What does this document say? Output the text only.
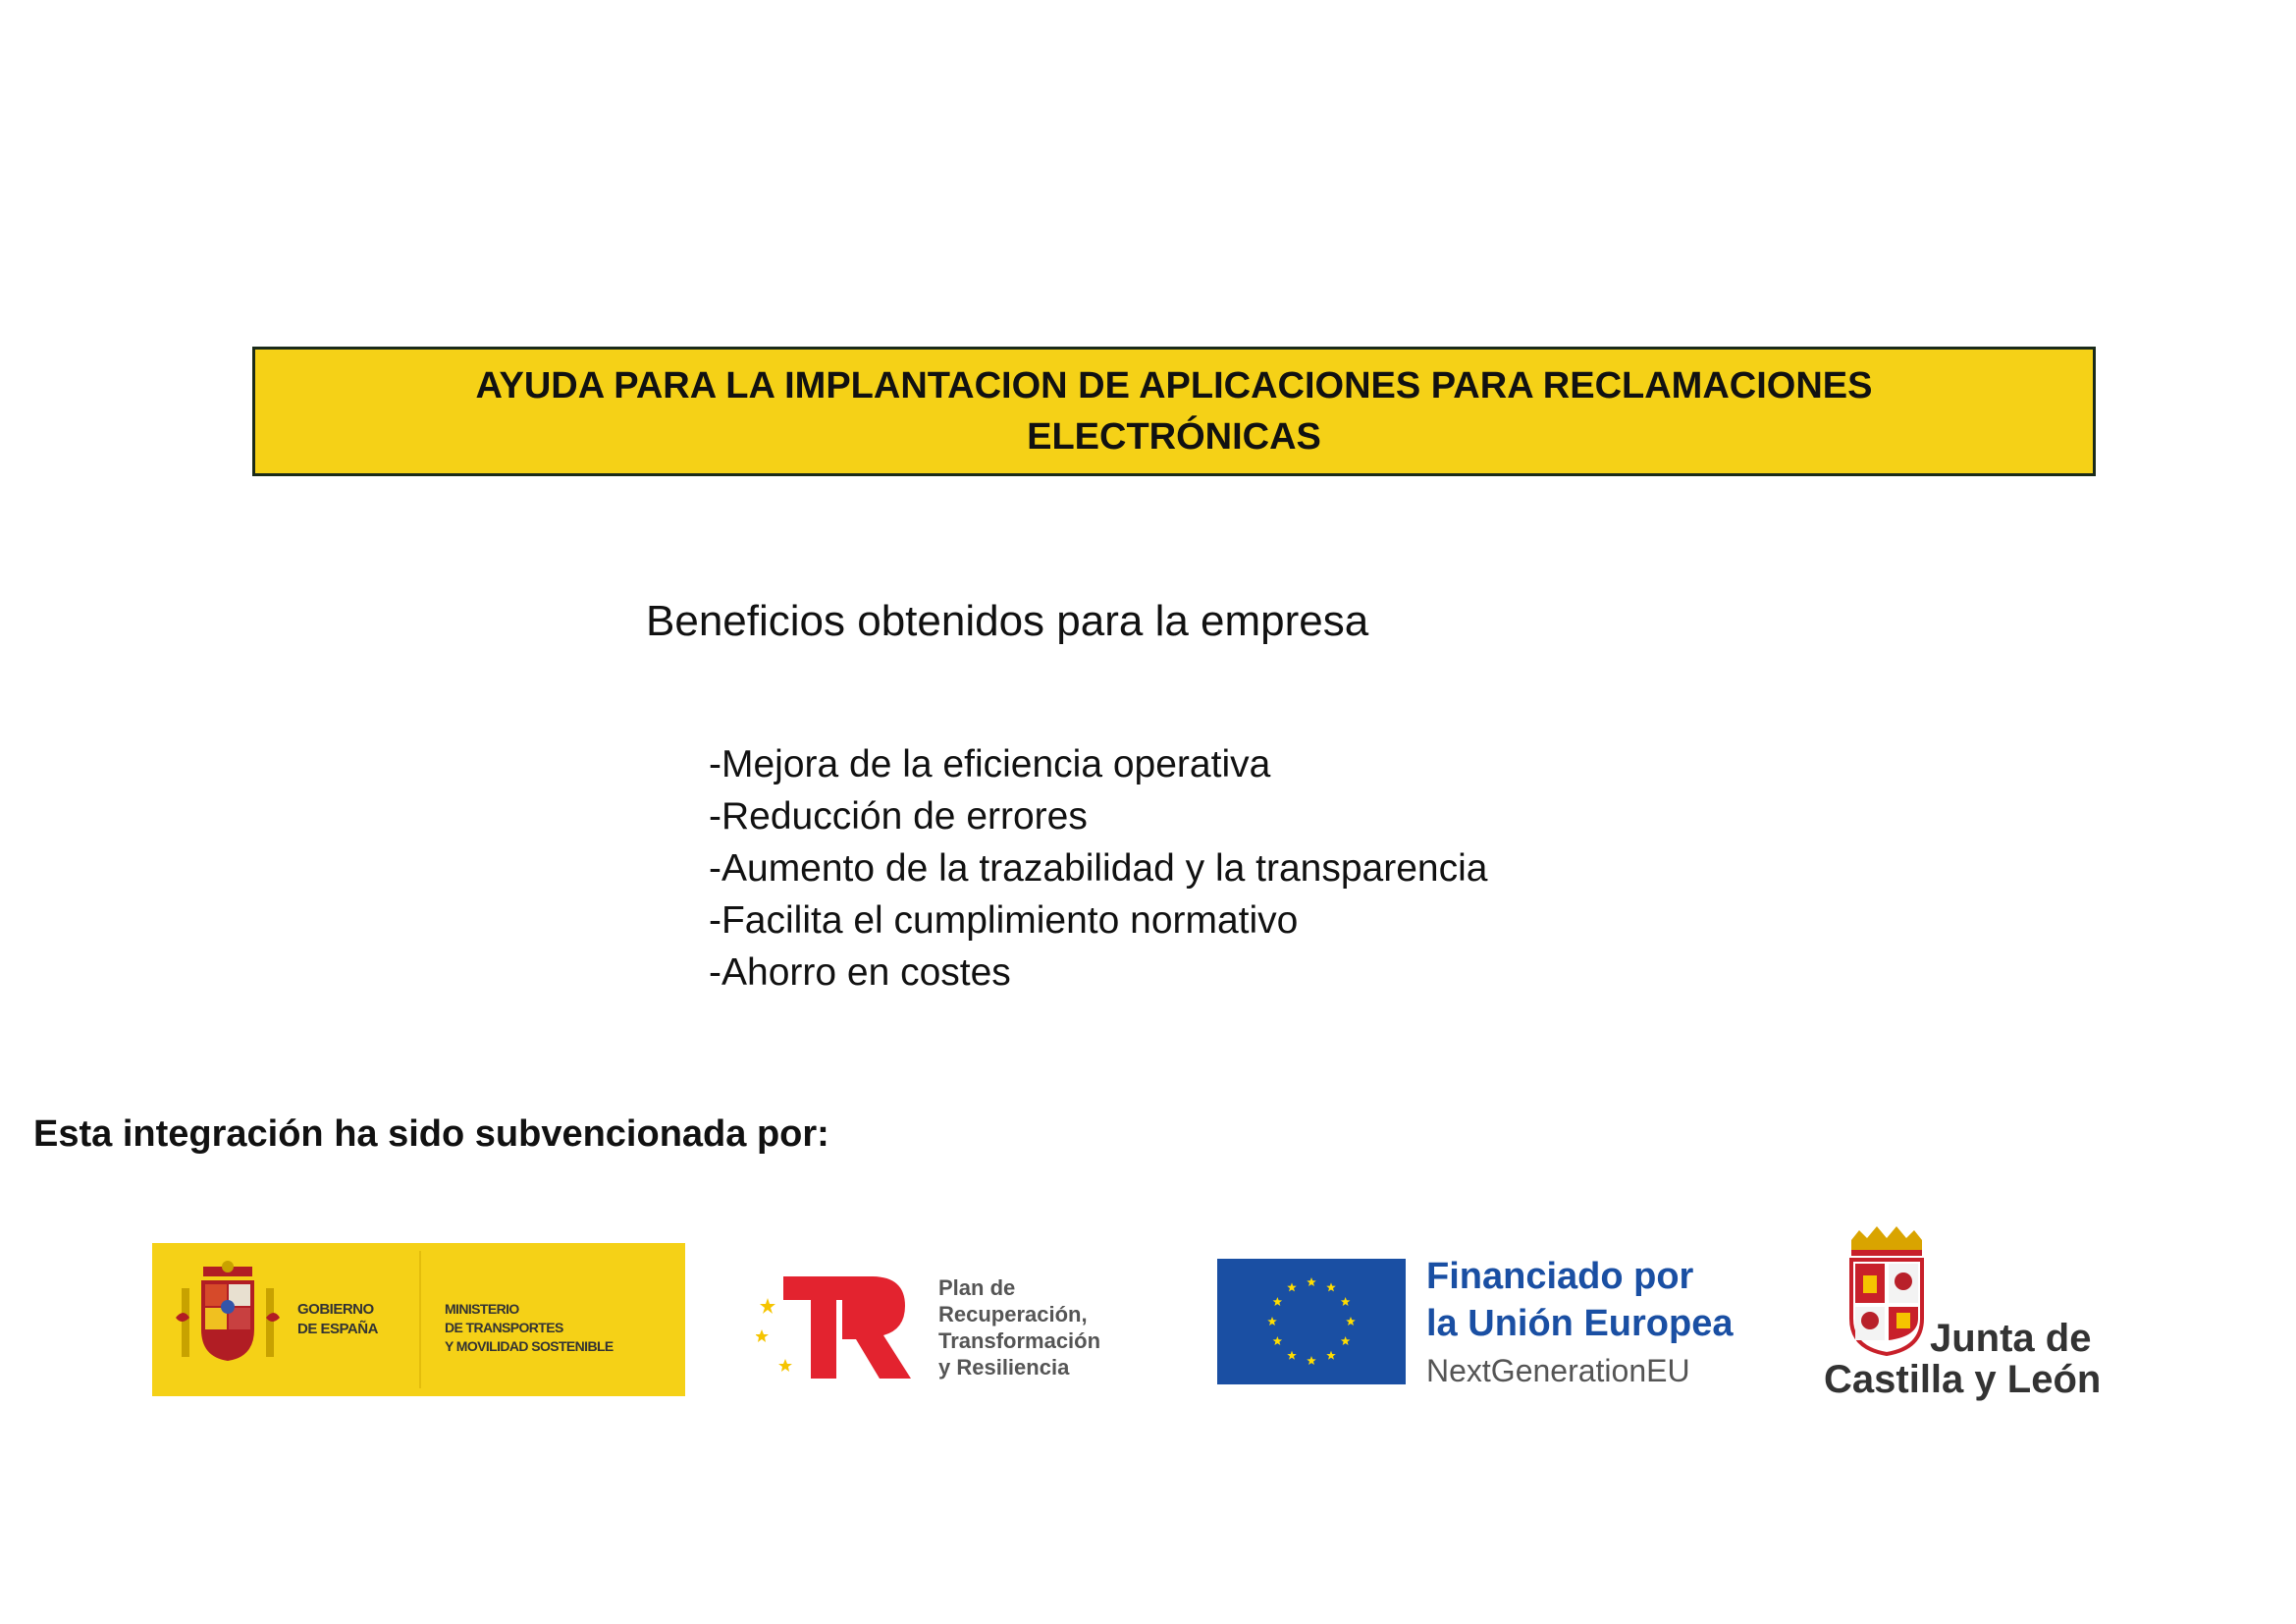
AYUDA PARA LA IMPLANTACION DE APLICACIONES PARA RECLAMACIONES
ELECTRÓNICAS
Beneficios obtenidos para la empresa
-Mejora de la eficiencia operativa
-Reducción de errores
-Aumento de la trazabilidad y la transparencia
-Facilita el cumplimiento normativo
-Ahorro en costes
Esta integración ha sido subvencionada por:
GOBIERNO
DE ESPAÑA
MINISTERIO
DE TRANSPORTES
Y MOVILIDAD SOSTENIBLE
Plan de
Recuperación,
Transformación
y Resiliencia
Financiado por
la Unión Europea
NextGenerationEU
Junta de
Castilla y León
